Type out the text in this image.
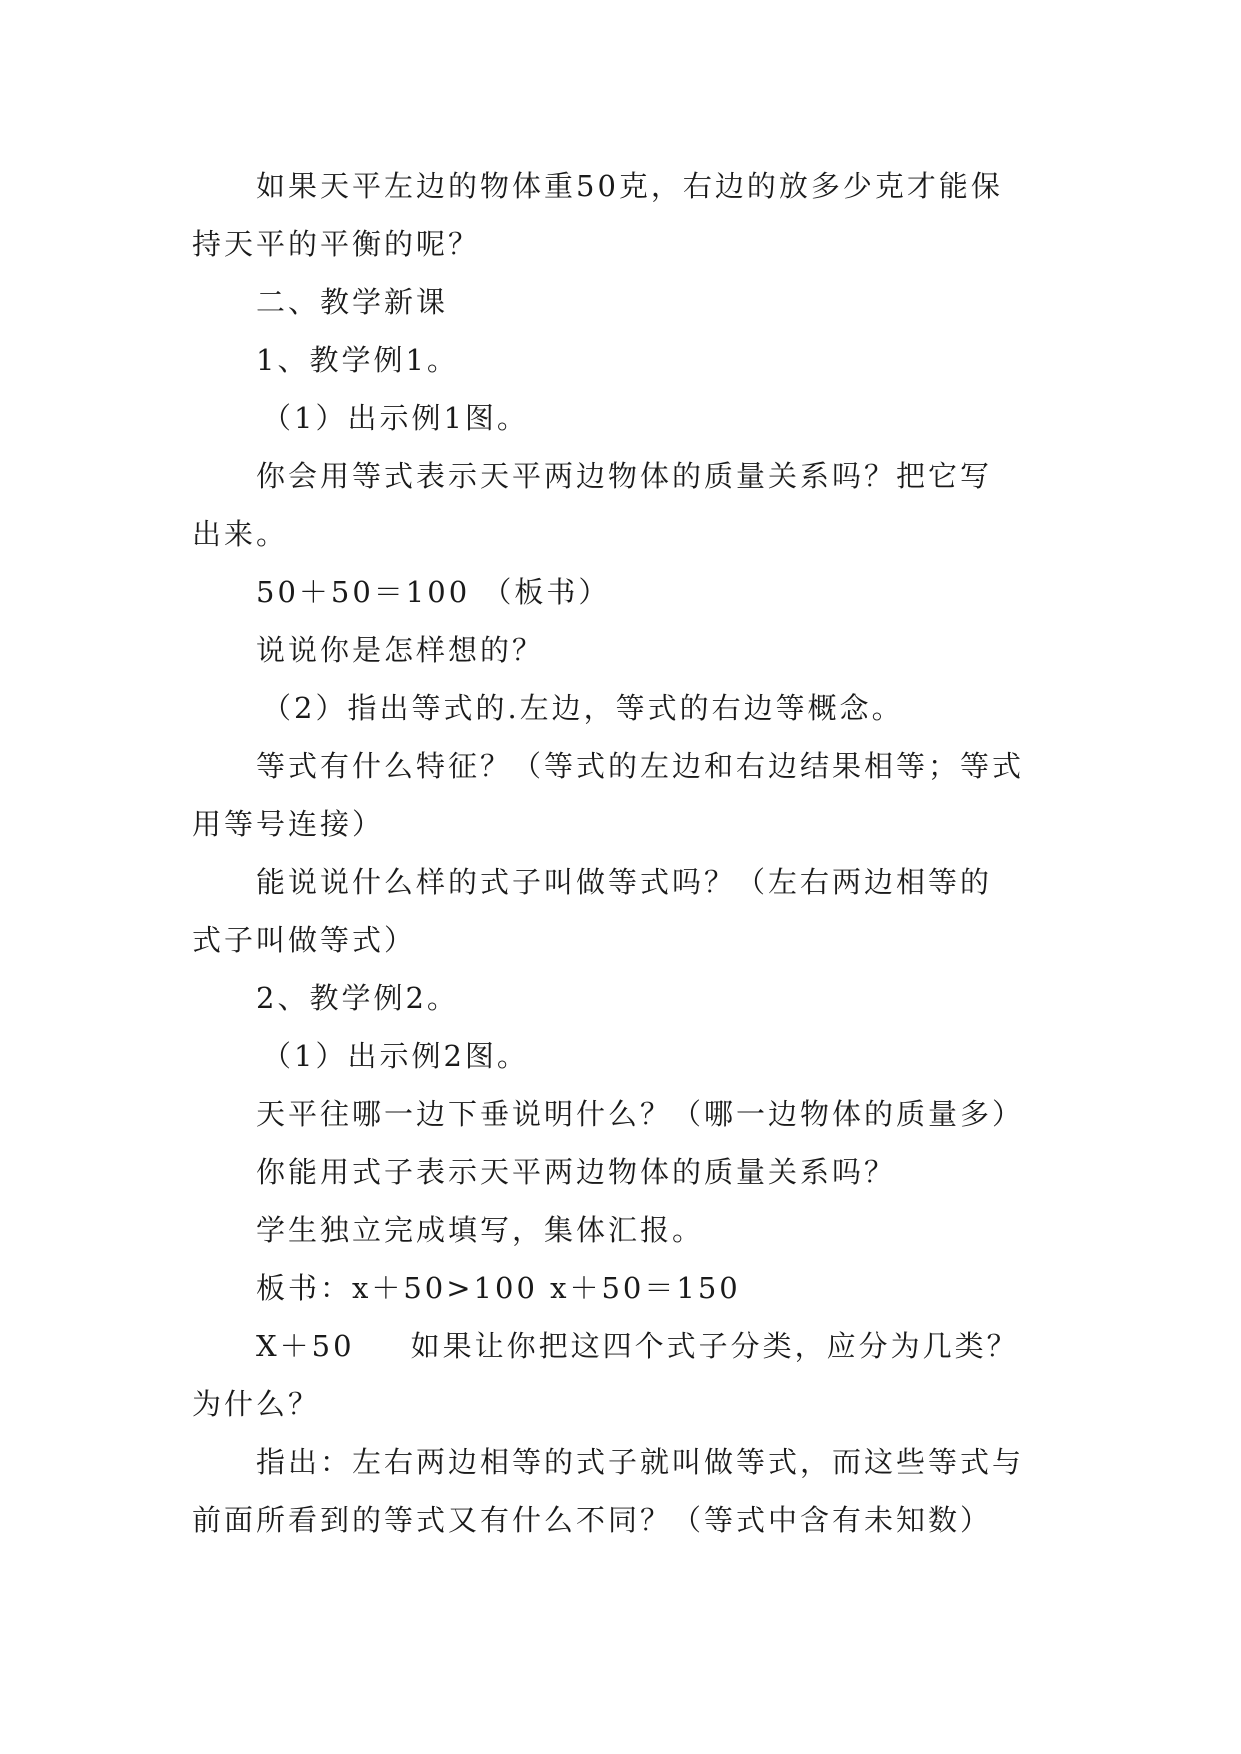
如果天平左边的物体重50克，右边的放多少克才能保
持天平的平衡的呢？

二、教学新课

1、教学例1。

（1）出示例1图。

你会用等式表示天平两边物体的质量关系吗？把它写
出来。

50＋50＝100 （板书）

说说你是怎样想的？

（2）指出等式的.左边，等式的右边等概念。

等式有什么特征？（等式的左边和右边结果相等；等式
用等号连接）

能说说什么样的式子叫做等式吗？（左右两边相等的
式子叫做等式）

2、教学例2。

（1）出示例2图。

天平往哪一边下垂说明什么？（哪一边物体的质量多）

你能用式子表示天平两边物体的质量关系吗？

学生独立完成填写，集体汇报。

板书：x＋50>100 x＋50＝150

X＋50 如果让你把这四个式子分类，应分为几类？
为什么？

指出：左右两边相等的式子就叫做等式，而这些等式与
前面所看到的等式又有什么不同？（等式中含有未知数）
